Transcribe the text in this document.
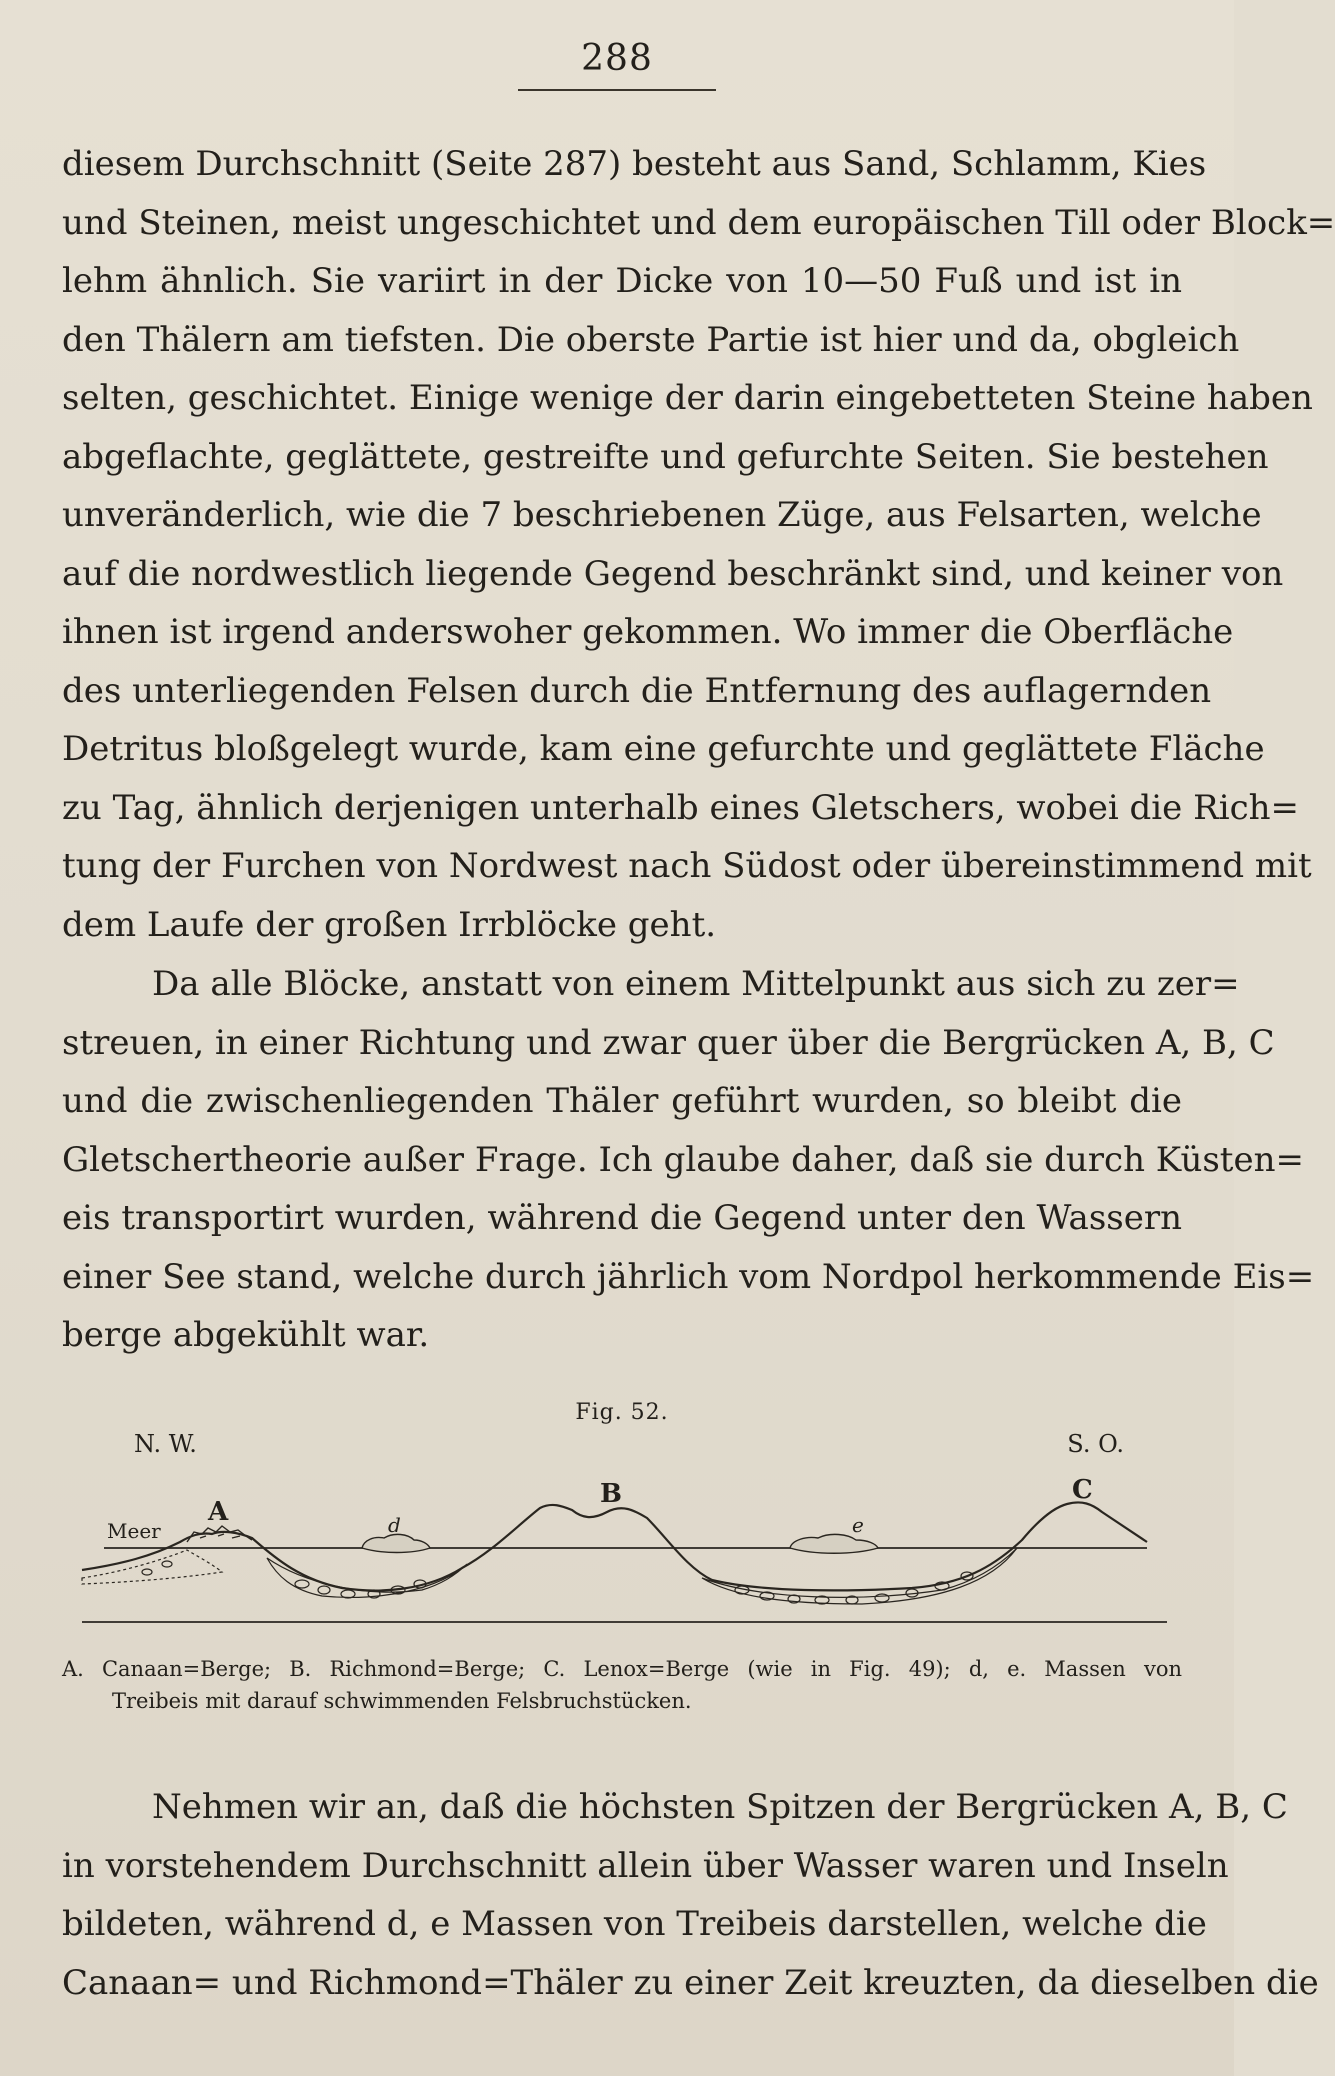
288
diesem Durchschnitt (Seite 287) besteht aus Sand, Schlamm, Kies
und Steinen, meist ungeschichtet und dem europäischen Till oder Block=
lehm ähnlich. Sie variirt in der Dicke von 10—50 Fuß und ist in
den Thälern am tiefsten. Die oberste Partie ist hier und da, obgleich
selten, geschichtet. Einige wenige der darin eingebetteten Steine haben
abgeflachte, geglättete, gestreifte und gefurchte Seiten. Sie bestehen
unveränderlich, wie die 7 beschriebenen Züge, aus Felsarten, welche
auf die nordwestlich liegende Gegend beschränkt sind, und keiner von
ihnen ist irgend anderswoher gekommen. Wo immer die Oberfläche
des unterliegenden Felsen durch die Entfernung des auflagernden
Detritus bloßgelegt wurde, kam eine gefurchte und geglättete Fläche
zu Tag, ähnlich derjenigen unterhalb eines Gletschers, wobei die Rich=
tung der Furchen von Nordwest nach Südost oder übereinstimmend mit
dem Laufe der großen Irrblöcke geht.
Da alle Blöcke, anstatt von einem Mittelpunkt aus sich zu zer=
streuen, in einer Richtung und zwar quer über die Bergrücken A, B, C
und die zwischenliegenden Thäler geführt wurden, so bleibt die
Gletschertheorie außer Frage. Ich glaube daher, daß sie durch Küsten=
eis transportirt wurden, während die Gegend unter den Wassern
einer See stand, welche durch jährlich vom Nordpol herkommende Eis=
berge abgekühlt war.
Fig. 52.
N. W.	S. O.
Meer
A	d
B
e
C
A. Canaan=Berge; B. Richmond=Berge; C. Lenox=Berge (wie in Fig. 49); d, e. Massen von
Treibeis mit darauf schwimmenden Felsbruchstücken.
Nehmen wir an, daß die höchsten Spitzen der Bergrücken A, B, C
in vorstehendem Durchschnitt allein über Wasser waren und Inseln
bildeten, während d, e Massen von Treibeis darstellen, welche die
Canaan= und Richmond=Thäler zu einer Zeit kreuzten, da dieselben die
